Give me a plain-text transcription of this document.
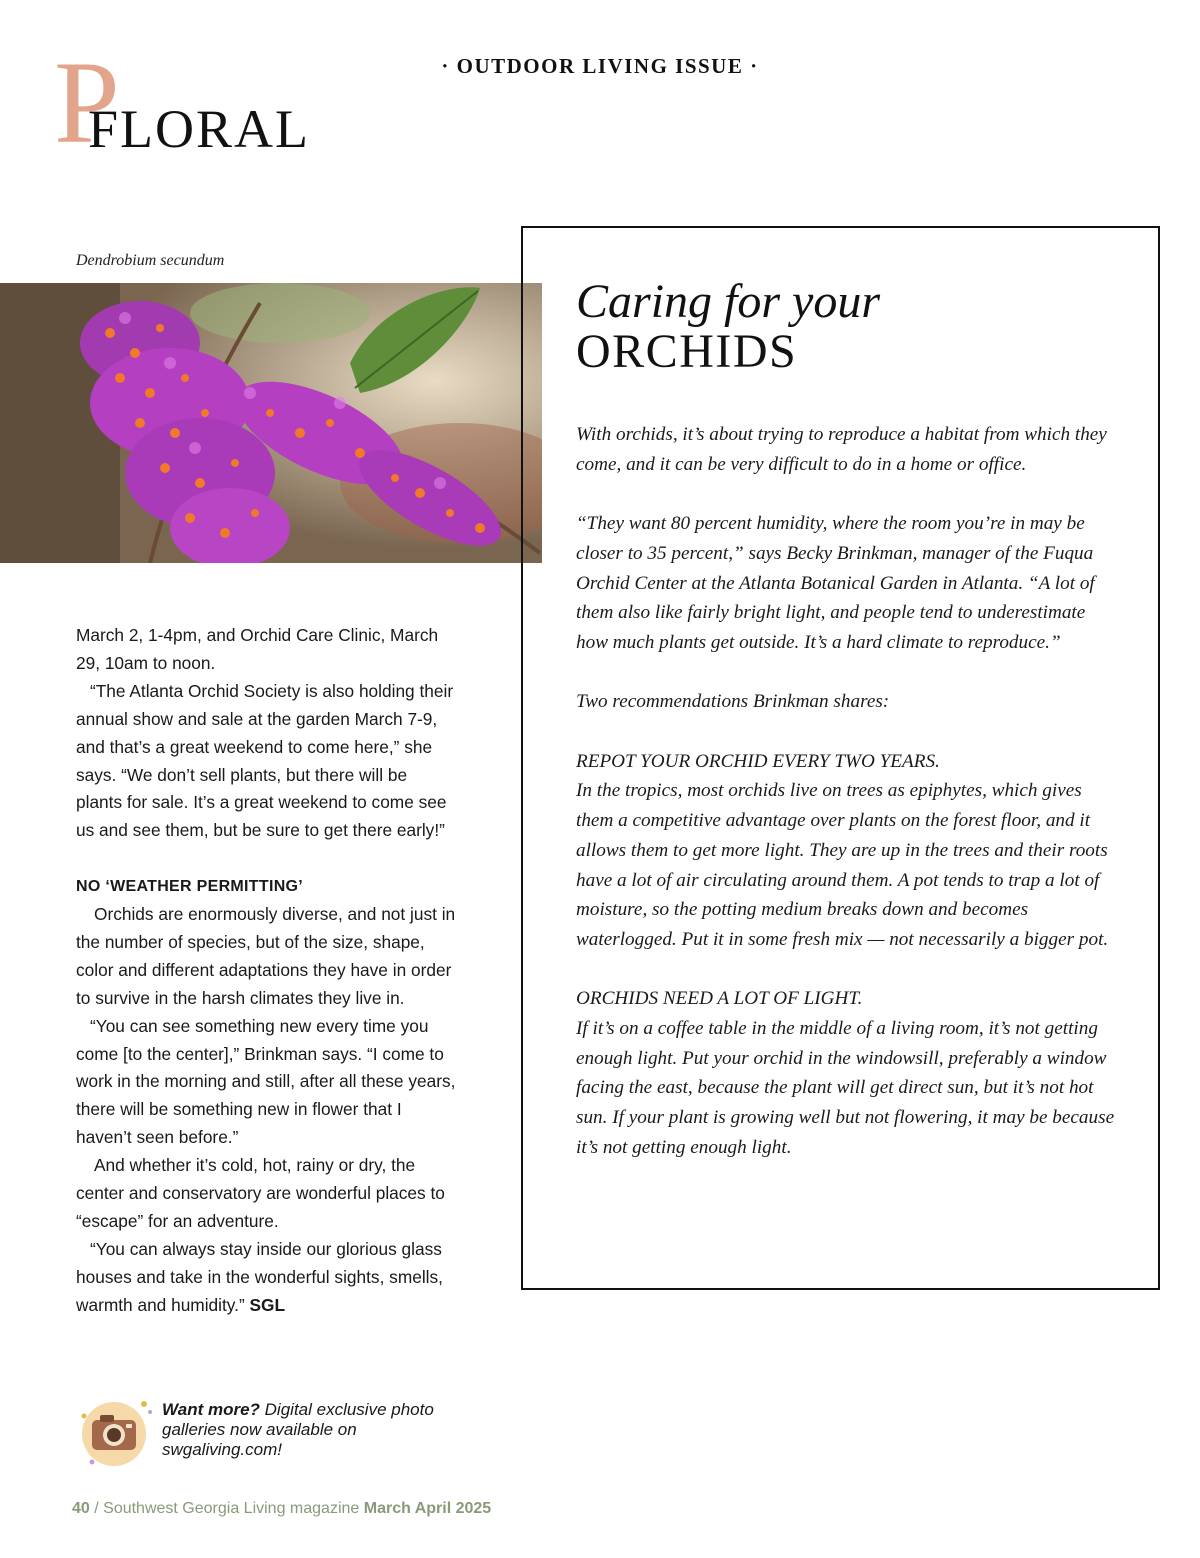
· OUTDOOR LIVING ISSUE ·
P
FLORAL
Dendrobium secundum

March 2, 1-4pm, and Orchid Care Clinic, March 29, 10am to noon.

“The Atlanta Orchid Society is also holding their annual show and sale at the garden March 7-9, and that’s a great weekend to come here,” she says. “We don’t sell plants, but there will be plants for sale. It’s a great weekend to come see us and see them, but be sure to get there early!”

NO ‘WEATHER PERMITTING’

Orchids are enormously diverse, and not just in the number of species, but of the size, shape, color and different adaptations they have in order to survive in the harsh climates they live in.

“You can see something new every time you come [to the center],” Brinkman says. “I come to work in the morning and still, after all these years, there will be something new in flower that I haven’t seen before.”

And whether it’s cold, hot, rainy or dry, the center and conservatory are wonderful places to “escape” for an adventure.

“You can always stay inside our glorious glass houses and take in the wonderful sights, smells, warmth and humidity.” SGL

Want more? Digital exclusive photo galleries now available on swgaliving.com!
40 / Southwest Georgia Living magazine March April 2025
Caring for your
ORCHIDS

With orchids, it’s about trying to reproduce a habitat from which they come, and it can be very difficult to do in a home or office.

“They want 80 percent humidity, where the room you’re in may be closer to 35 percent,” says Becky Brinkman, manager of the Fuqua Orchid Center at the Atlanta Botanical Garden in Atlanta. “A lot of them also like fairly bright light, and people tend to underestimate how much plants get outside. It’s a hard climate to reproduce.”

Two recommendations Brinkman shares:

REPOT YOUR ORCHID EVERY TWO YEARS.

In the tropics, most orchids live on trees as epiphytes, which gives them a competitive advantage over plants on the forest floor, and it allows them to get more light. They are up in the trees and their roots have a lot of air circulating around them. A pot tends to trap a lot of moisture, so the potting medium breaks down and becomes waterlogged. Put it in some fresh mix — not necessarily a bigger pot.

ORCHIDS NEED A LOT OF LIGHT.

If it’s on a coffee table in the middle of a living room, it’s not getting enough light. Put your orchid in the windowsill, preferably a window facing the east, because the plant will get direct sun, but it’s not hot sun. If your plant is growing well but not flowering, it may be because it’s not getting enough light.
